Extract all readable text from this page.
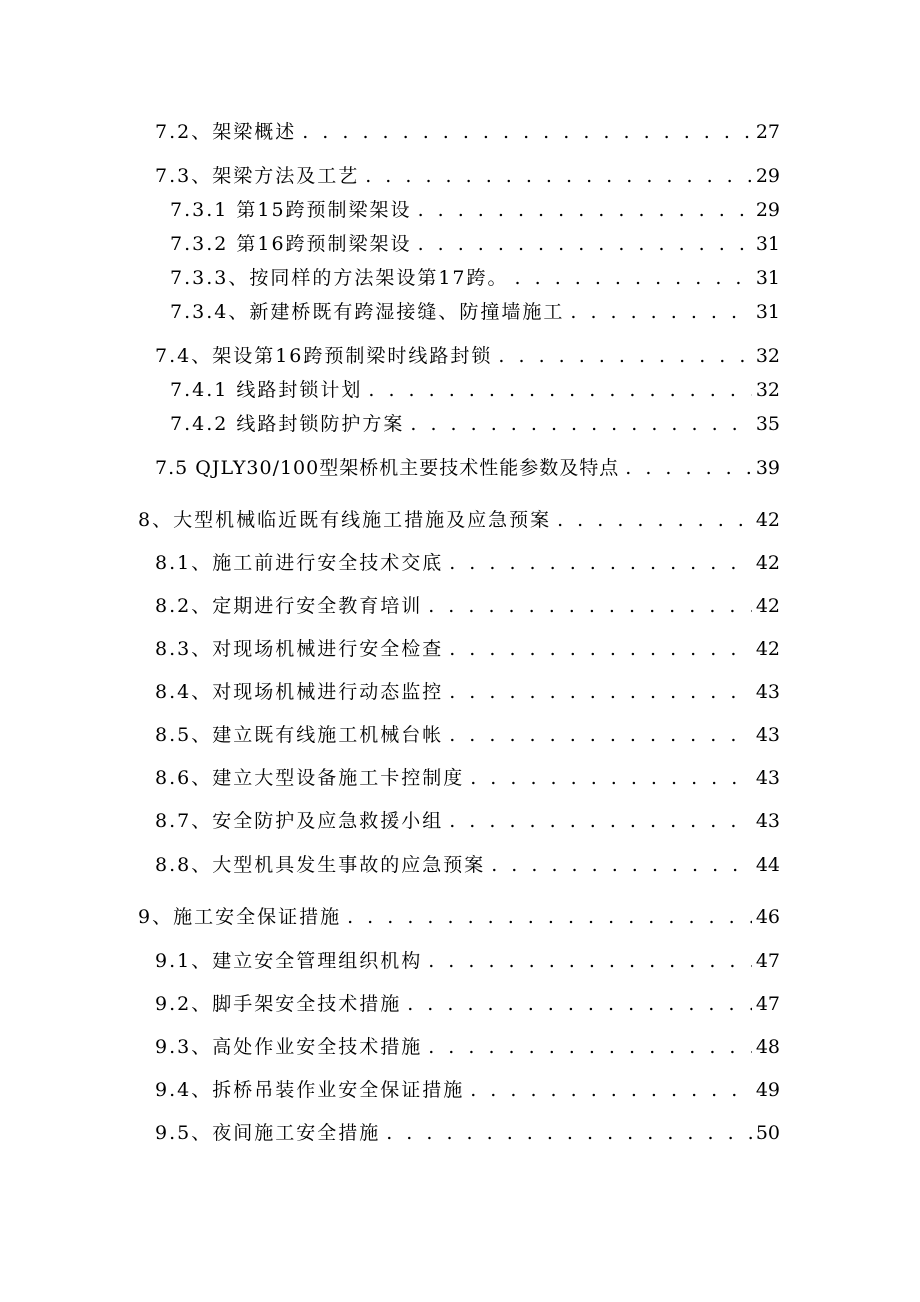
7.2、架梁概述 . . .	27
7.3、架梁方法及工艺 . . .	29
7.3.1 第15跨预制梁架设 . . .	29
7.3.2 第16跨预制梁架设 . . .	31
7.3.3、按同样的方法架设第17跨。 . . .	31
7.3.4、新建桥既有跨湿接缝、防撞墙施工 . . .	31
7.4、架设第16跨预制梁时线路封锁 . . .	32
7.4.1 线路封锁计划 . . .	32
7.4.2 线路封锁防护方案 . . .	35
7.5 QJLY30/100型架桥机主要技术性能参数及特点 . . .	39
8、大型机械临近既有线施工措施及应急预案 . . .	42
8.1、施工前进行安全技术交底 . . .	42
8.2、定期进行安全教育培训 . . .	42
8.3、对现场机械进行安全检查 . . .	42
8.4、对现场机械进行动态监控 . . .	43
8.5、建立既有线施工机械台帐 . . .	43
8.6、建立大型设备施工卡控制度 . . .	43
8.7、安全防护及应急救援小组 . . .	43
8.8、大型机具发生事故的应急预案 . . .	44
9、施工安全保证措施 . . .	46
9.1、建立安全管理组织机构 . . .	47
9.2、脚手架安全技术措施 . . .	47
9.3、高处作业安全技术措施 . . .	48
9.4、拆桥吊装作业安全保证措施 . . .	49
9.5、夜间施工安全措施 . . .	50
